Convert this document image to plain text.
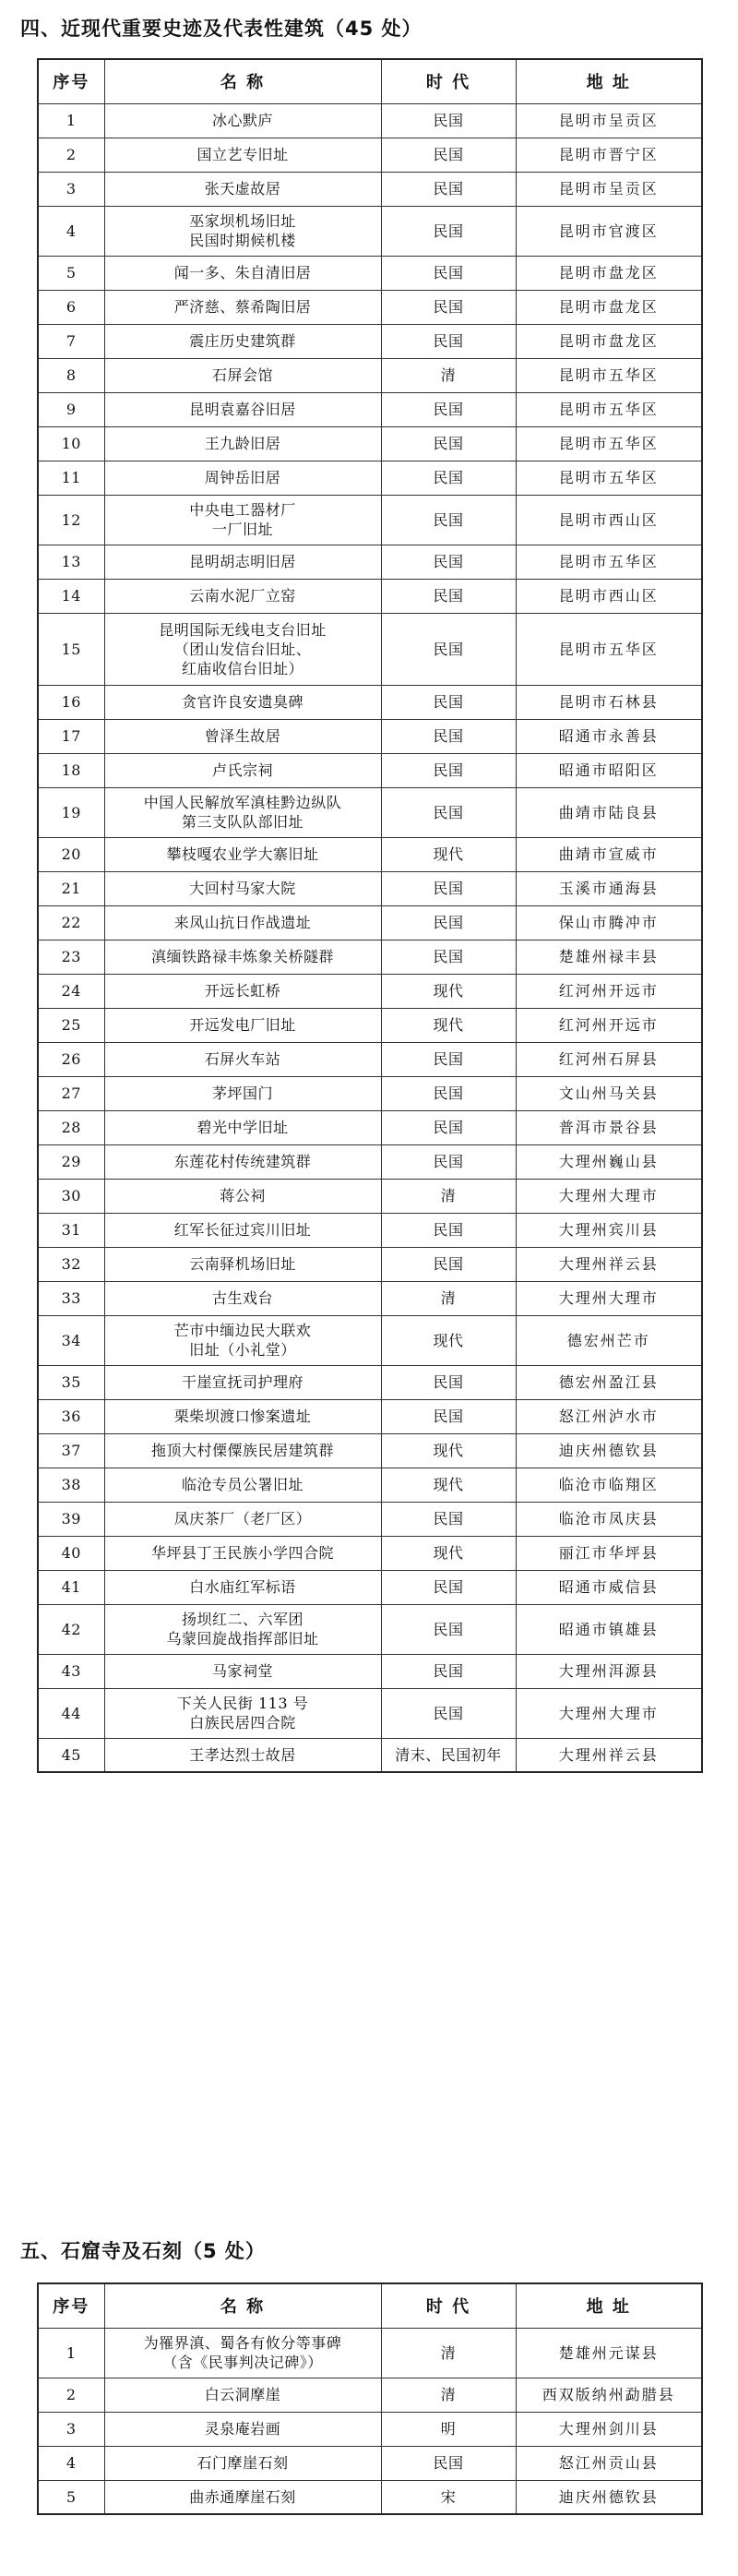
四、近现代重要史迹及代表性建筑（45 处）
序号	名 称	时 代	地 址
1	冰心默庐	民国	昆明市呈贡区
2	国立艺专旧址	民国	昆明市晋宁区
3	张天虚故居	民国	昆明市呈贡区
4	巫家坝机场旧址
民国时期候机楼	民国	昆明市官渡区
5	闻一多、朱自清旧居	民国	昆明市盘龙区
6	严济慈、蔡希陶旧居	民国	昆明市盘龙区
7	震庄历史建筑群	民国	昆明市盘龙区
8	石屏会馆	清	昆明市五华区
9	昆明袁嘉谷旧居	民国	昆明市五华区
10	王九龄旧居	民国	昆明市五华区
11	周钟岳旧居	民国	昆明市五华区
12	中央电工器材厂
一厂旧址	民国	昆明市西山区
13	昆明胡志明旧居	民国	昆明市五华区
14	云南水泥厂立窑	民国	昆明市西山区
15	昆明国际无线电支台旧址
（团山发信台旧址、
红庙收信台旧址）	民国	昆明市五华区
16	贪官许良安遗臭碑	民国	昆明市石林县
17	曾泽生故居	民国	昭通市永善县
18	卢氏宗祠	民国	昭通市昭阳区
19	中国人民解放军滇桂黔边纵队
第三支队队部旧址	民国	曲靖市陆良县
20	攀枝嘎农业学大寨旧址	现代	曲靖市宣威市
21	大回村马家大院	民国	玉溪市通海县
22	来凤山抗日作战遗址	民国	保山市腾冲市
23	滇缅铁路禄丰炼象关桥隧群	民国	楚雄州禄丰县
24	开远长虹桥	现代	红河州开远市
25	开远发电厂旧址	现代	红河州开远市
26	石屏火车站	民国	红河州石屏县
27	茅坪国门	民国	文山州马关县
28	碧光中学旧址	民国	普洱市景谷县
29	东莲花村传统建筑群	民国	大理州巍山县
30	蒋公祠	清	大理州大理市
31	红军长征过宾川旧址	民国	大理州宾川县
32	云南驿机场旧址	民国	大理州祥云县
33	古生戏台	清	大理州大理市
34	芒市中缅边民大联欢
旧址（小礼堂）	现代	德宏州芒市
35	干崖宣抚司护理府	民国	德宏州盈江县
36	栗柴坝渡口惨案遗址	民国	怒江州泸水市
37	拖顶大村傈僳族民居建筑群	现代	迪庆州德钦县
38	临沧专员公署旧址	现代	临沧市临翔区
39	凤庆茶厂（老厂区）	民国	临沧市凤庆县
40	华坪县丁王民族小学四合院	现代	丽江市华坪县
41	白水庙红军标语	民国	昭通市威信县
42	扬坝红二、六军团
乌蒙回旋战指挥部旧址	民国	昭通市镇雄县
43	马家祠堂	民国	大理州洱源县
44	下关人民街 113 号
白族民居四合院	民国	大理州大理市
45	王孝达烈士故居	清末、民国初年	大理州祥云县
五、石窟寺及石刻（5 处）
序号	名 称	时 代	地 址
1	为罹界滇、蜀各有攸分等事碑
（含《民事判决记碑》）	清	楚雄州元谋县
2	白云洞摩崖	清	西双版纳州勐腊县
3	灵泉庵岩画	明	大理州剑川县
4	石门摩崖石刻	民国	怒江州贡山县
5	曲赤通摩崖石刻	宋	迪庆州德钦县
